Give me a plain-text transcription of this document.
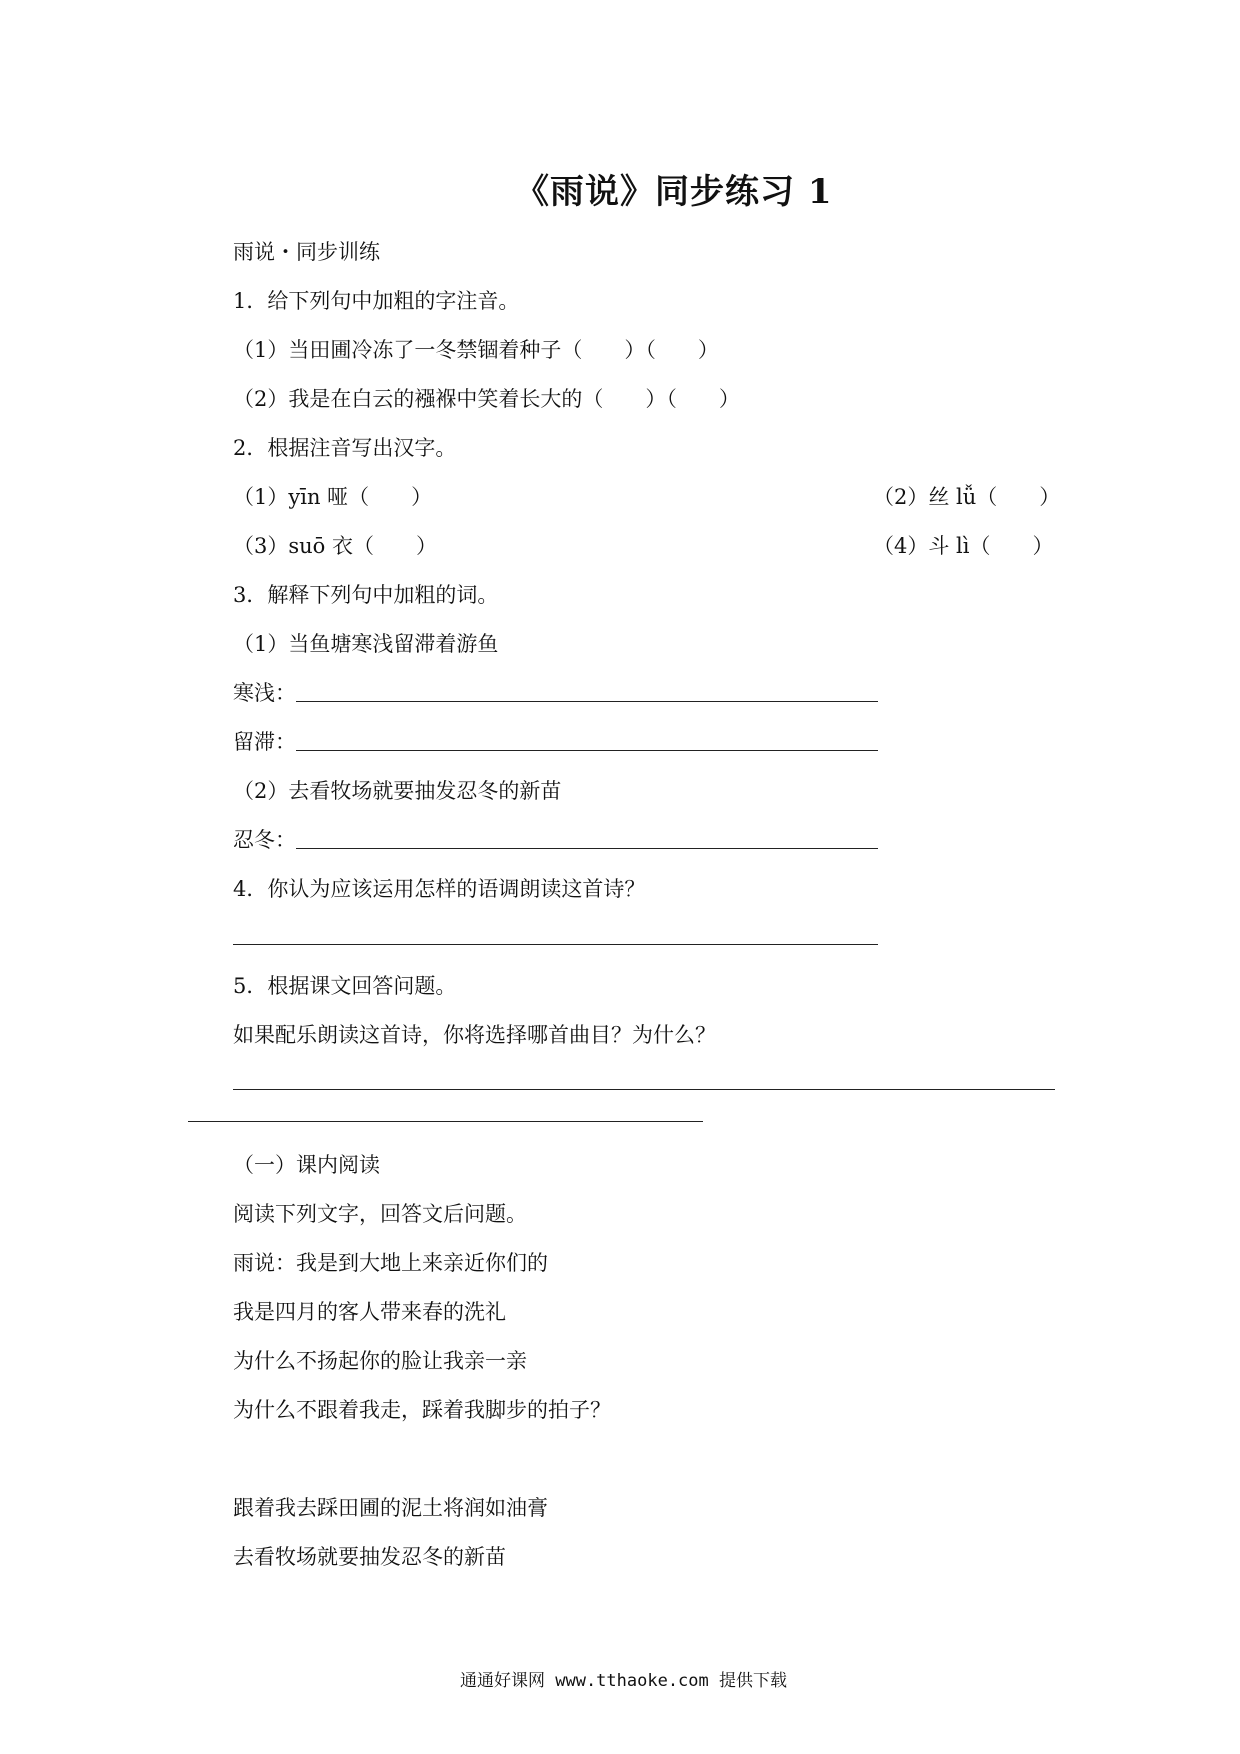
《雨说》同步练习 1
雨说・同步训练
1．给下列句中加粗的字注音。
（1）当田圃冷冻了一冬禁锢着种子（　　）（　　）
（2）我是在白云的襁褓中笑着长大的（　　）（　　）
2．根据注音写出汉字。
（1）yīn 哑（　　）	（2）丝 lǚ（　　）
（3）suō 衣（　　）	（4）斗 lì（　　）
3．解释下列句中加粗的词。
（1）当鱼塘寒浅留滞着游鱼
寒浅：
留滞：
（2）去看牧场就要抽发忍冬的新苗
忍冬：
4．你认为应该运用怎样的语调朗读这首诗？
5．根据课文回答问题。
如果配乐朗读这首诗，你将选择哪首曲目？为什么？
（一）课内阅读
阅读下列文字，回答文后问题。
雨说：我是到大地上来亲近你们的
我是四月的客人带来春的洗礼
为什么不扬起你的脸让我亲一亲
为什么不跟着我走，踩着我脚步的拍子？
跟着我去踩田圃的泥土将润如油膏
去看牧场就要抽发忍冬的新苗
通通好课网 www.tthaoke.com 提供下载
